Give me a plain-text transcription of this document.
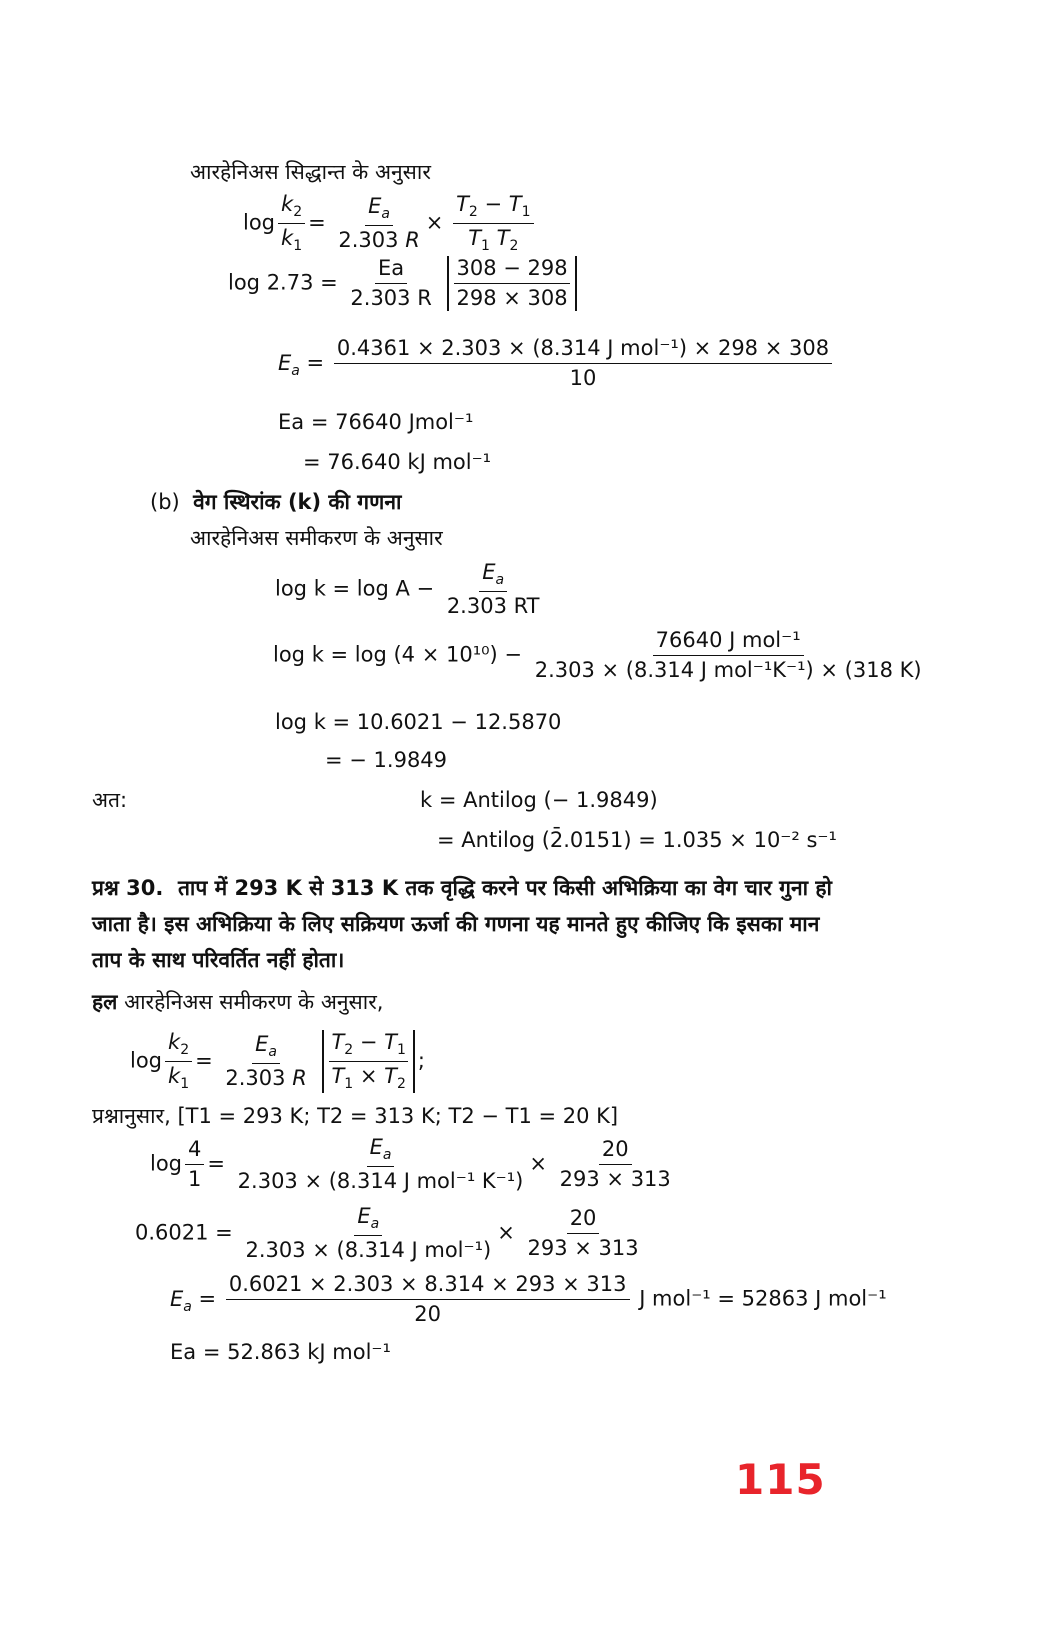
आरहेनिअस सिद्धान्त के अनुसार
$\log \frac{k_2}{k_1} = \frac{E_a}{2.303 R} \times \frac{T_2 - T_1}{T_1 T_2}$
$\log 2.73 = \frac{Ea}{2.303 R}$
$\frac{308 - 298}{298 \times 308}$
$E_a$ =
0.4361 × 2.303 × (8.314 J mol⁻¹) × 298 × 308
10
Ea = 76640 Jmol⁻¹
= 76.640 kJ mol⁻¹
(b) वेग स्थिरांक (k) की गणना
आरहेनिअस समीकरण के अनुसार
$\log k = \log A - \frac{E_a}{2.303 RT}$
log k = log (4 × 10¹⁰) −
76640 J mol⁻¹
2.303 × (8.314 J mol⁻¹K⁻¹) × (318 K)
log k = 10.6021 − 12.5870
= − 1.9849
अत:	k = Antilog (− 1.9849)
= Antilog (2̄.0151) = 1.035 × 10⁻² s⁻¹
प्रश्न 30. ताप में 293 K से 313 K तक वृद्धि करने पर किसी अभिक्रिया का वेग चार गुना हो
जाता है। इस अभिक्रिया के लिए सक्रियण ऊर्जा की गणना यह मानते हुए कीजिए कि इसका मान
ताप के साथ परिवर्तित नहीं होता।
हल आरहेनिअस समीकरण के अनुसार,
$\log \frac{k_2}{k_1} = \frac{E_a}{2.303 R}$
$\frac{T_2 - T_1}{T_1 \times T_2}$ ;
प्रश्नानुसार, [T1 = 293 K; T2 = 313 K; T2 − T1 = 20 K]
$\log \frac{4}{1}$ =
$E_a$
2.303 × (8.314 J mol⁻¹ K⁻¹)
× $\frac{20}{293 \times 313}$
0.6021 =
$E_a$
2.303 × (8.314 J mol⁻¹)
× $\frac{20}{293 \times 313}$
$E_a = \frac{0.6021 \times 2.303 \times 8.314 \times 293 \times 313}{20}$ J mol⁻¹ = 52863 J mol⁻¹
Ea = 52.863 kJ mol⁻¹
115
